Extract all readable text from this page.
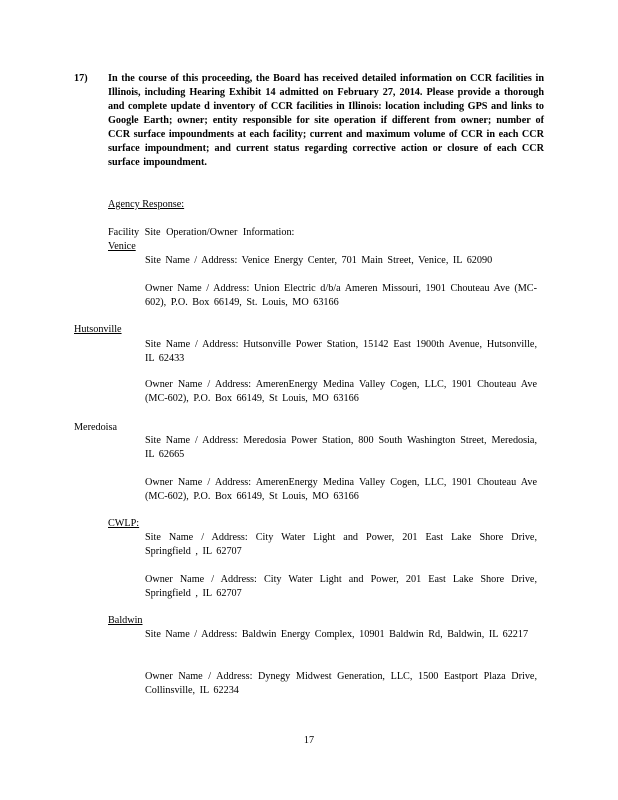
17) In the course of this proceeding, the Board has received detailed information on CCR facilities in Illinois, including Hearing Exhibit 14 admitted on February 27, 2014. Please provide a thorough and complete update d inventory of CCR facilities in Illinois: location including GPS and links to Google Earth; owner; entity responsible for site operation if different from owner; number of CCR surface impoundments at each facility; current and maximum volume of CCR in each CCR surface impoundment; and current status regarding corrective action or closure of each CCR surface impoundment.
Agency Response:
Facility Site Operation/Owner Information:
Venice
Site Name / Address: Venice Energy Center, 701 Main Street, Venice, IL 62090
Owner Name / Address: Union Electric d/b/a Ameren Missouri, 1901 Chouteau Ave (MC-602), P.O. Box 66149, St. Louis, MO 63166
Hutsonville
Site Name / Address: Hutsonville Power Station, 15142 East 1900th Avenue, Hutsonville, IL 62433
Owner Name / Address: AmerenEnergy Medina Valley Cogen, LLC, 1901 Chouteau Ave (MC-602), P.O. Box 66149, St Louis, MO 63166
Meredoisa
Site Name / Address: Meredosia Power Station, 800 South Washington Street, Meredosia, IL 62665
Owner Name / Address: AmerenEnergy Medina Valley Cogen, LLC, 1901 Chouteau Ave (MC-602), P.O. Box 66149, St Louis, MO 63166
CWLP:
Site Name / Address: City Water Light and Power, 201 East Lake Shore Drive, Springfield , IL 62707
Owner Name / Address: City Water Light and Power, 201 East Lake Shore Drive, Springfield , IL 62707
Baldwin
Site Name / Address: Baldwin Energy Complex, 10901 Baldwin Rd, Baldwin, IL 62217
Owner Name / Address: Dynegy Midwest Generation, LLC, 1500 Eastport Plaza Drive, Collinsville, IL 62234
17
